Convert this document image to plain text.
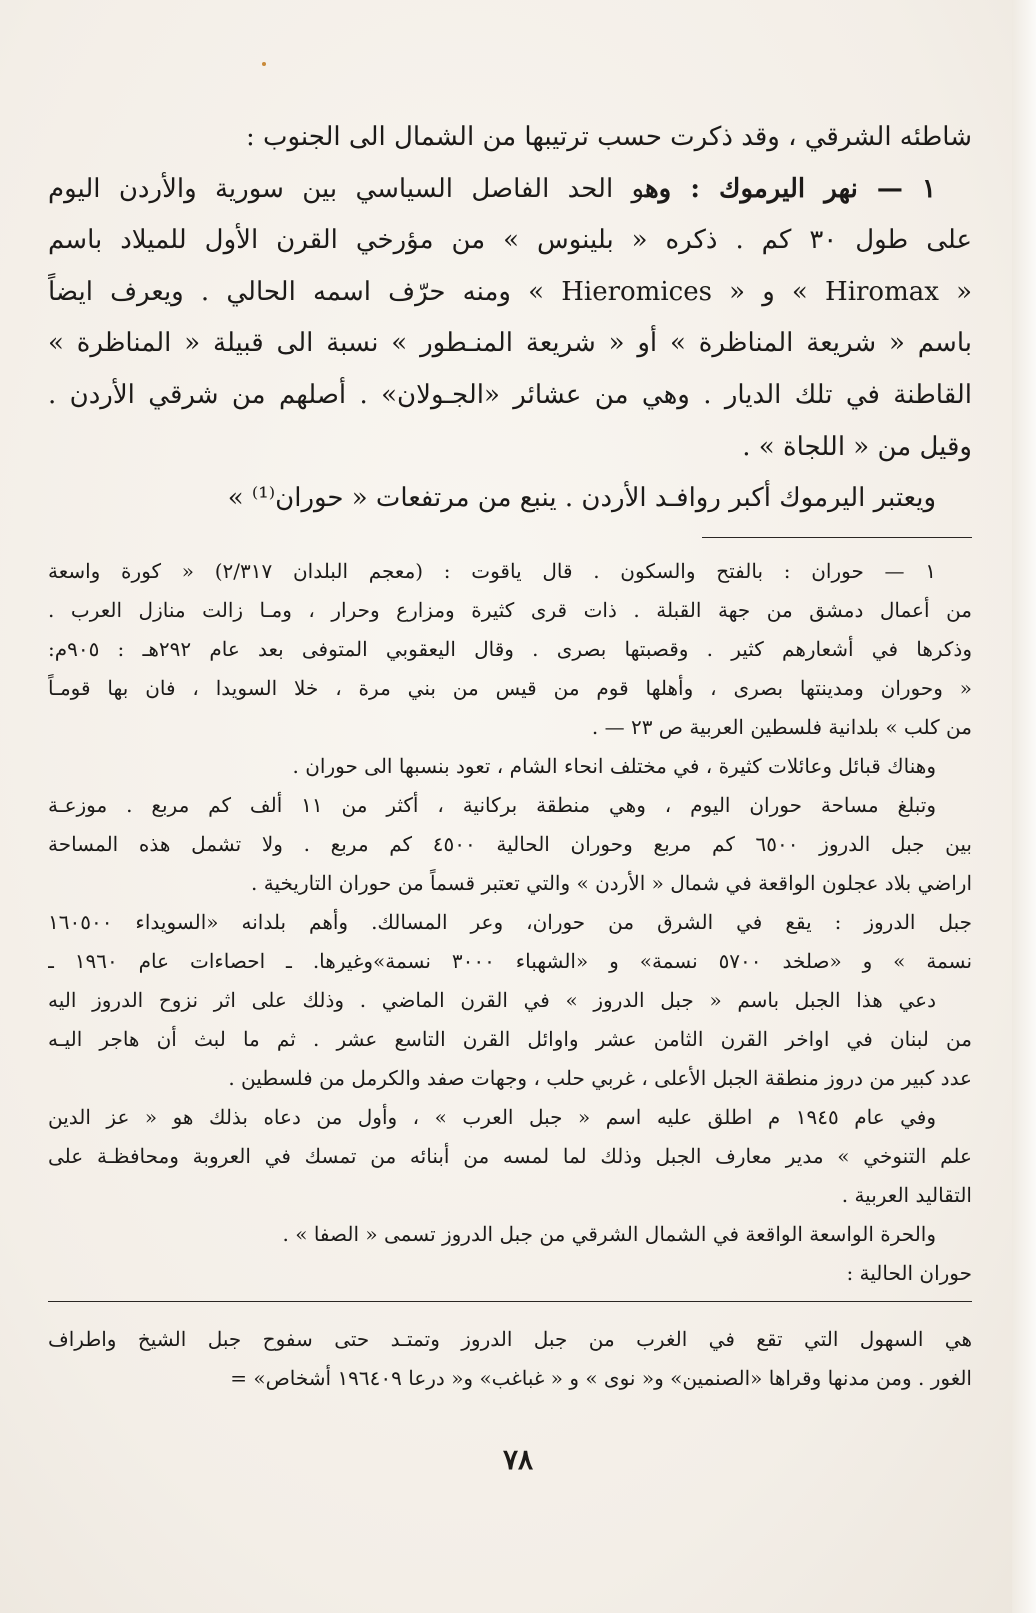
شاطئه الشرقي ، وقد ذكرت حسب ترتيبها من الشمال الى الجنوب :
١ — نهر اليرموك : وهو الحد الفاصل السياسي بين سورية والأردن اليوم
على طول ٣٠ كم . ذكره « بلينوس » من مؤرخي القرن الأول للميلاد باسم
« Hiromax » و « Hieromices » ومنه حرّف اسمه الحالي . ويعرف ايضاً
باسم « شريعة المناظرة » أو « شريعة المنـطور » نسبة الى قبيلة « المناظرة »
القاطنة في تلك الديار . وهي من عشائر «الجـولان» . أصلهم من شرقي الأردن .
وقيل من « اللجاة » .
ويعتبر اليرموك أكبر روافـد الأردن . ينبع من مرتفعات « حوران⁽¹⁾ »
١ — حوران : بالفتح والسكون . قال ياقوت : (معجم البلدان ٢/٣١٧) « كورة واسعة
من أعمال دمشق من جهة القبلة . ذات قرى كثيرة ومزارع وحرار ، ومـا زالت منازل العرب .
وذكرها في أشعارهم كثير . وقصبتها بصرى . وقال اليعقوبي المتوفى بعد عام ٢٩٢هـ : ٩٠٥م:
« وحوران ومدينتها بصرى ، وأهلها قوم من قيس من بني مرة ، خلا السويدا ، فان بها قومـاً
من كلب » بلدانية فلسطين العربية ص ٢٣ — .
وهناك قبائل وعائلات كثيرة ، في مختلف انحاء الشام ، تعود بنسبها الى حوران .
وتبلغ مساحة حوران اليوم ، وهي منطقة بركانية ، أكثر من ١١ ألف كم مربع . موزعـة
بين جبل الدروز ٦٥٠٠ كم مربع وحوران الحالية ٤٥٠٠ كم مربع . ولا تشمل هذه المساحة
اراضي بلاد عجلون الواقعة في شمال « الأردن » والتي تعتبر قسماً من حوران التاريخية .
جبل الدروز : يقع في الشرق من حوران، وعر المسالك. وأهم بلدانه «السويداء ١٦٠٥٠٠
نسمة » و «صلخد ٥٧٠٠ نسمة» و «الشهباء ٣٠٠٠ نسمة»وغيرها. ـ احصاءات عام ١٩٦٠ ـ
دعي هذا الجبل باسم « جبل الدروز » في القرن الماضي . وذلك على اثر نزوح الدروز اليه
من لبنان في اواخر القرن الثامن عشر واوائل القرن التاسع عشر . ثم ما لبث أن هاجر اليـه
عدد كبير من دروز منطقة الجبل الأعلى ، غربي حلب ، وجهات صفد والكرمل من فلسطين .
وفي عام ١٩٤٥ م اطلق عليه اسم « جبل العرب » ، وأول من دعاه بذلك هو « عز الدين
علم التنوخي » مدير معارف الجبل وذلك لما لمسه من أبنائه من تمسك في العروبة ومحافظـة على
التقاليد العربية .
والحرة الواسعة الواقعة في الشمال الشرقي من جبل الدروز تسمى « الصفا » .
حوران الحالية :
هي السهول التي تقع في الغرب من جبل الدروز وتمتـد حتى سفوح جبل الشيخ واطراف
الغور . ومن مدنها وقراها «الصنمين» و« نوى » و « غباغب» و« درعا ١٩٦٤٠٩ أشخاص» =
٧٨
